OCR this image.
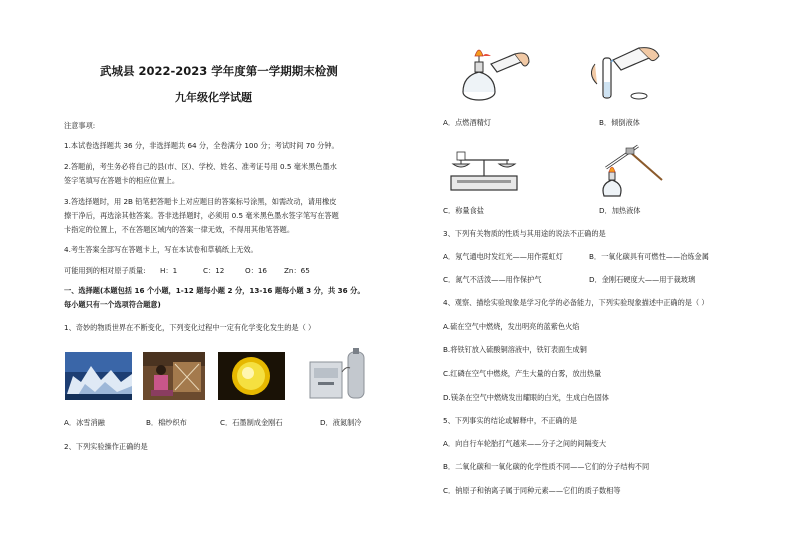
武城县 2022-2023 学年度第一学期期末检测
九年级化学试题
注意事项:
1.本试卷选择题共 36 分，非选择题共 64 分，全卷满分 100 分；考试时间 70 分钟。
2.答题前，考生务必将自己的县(市、区)、学校、姓名、准考证号用 0.5 毫米黑色墨水
签字笔填写在答题卡的相应位置上。
3.答选择题时，用 2B 铅笔把答题卡上对应题目的答案标号涂黑，如需改动，请用橡皮
擦干净后，再选涂其他答案。答非选择题时，必须用 0.5 毫米黑色墨水签字笔写在答题
卡指定的位置上，不在答题区域内的答案一律无效，不得用其他笔答题。
4.考生答案全部写在答题卡上，写在本试卷和草稿纸上无效。
可能用到的相对原子质量: H：1	C：12	O：16 Zn：65
一、选择题(本题包括 16 个小题，1-12 题每小题 2 分，13-16 题每小题 3 分，共 36 分。
每小题只有一个选项符合题意)
1、奇妙的物质世界在不断变化，下列变化过程中一定有化学变化发生的是（ ）
A．冰雪消融	B．棉纱织布	C．石墨制成金刚石	D．液氮制冷
2、下列实验操作正确的是
A．点燃酒精灯	B．倾倒液体
C．称量食盐	D．加热液体
3、下列有关物质的性质与其用途的说法不正确的是
A．氖气通电时发红光——用作霓虹灯	B．一氧化碳具有可燃性——冶炼金属
C．氮气不活泼——用作保护气	D．金刚石硬度大——用于裁玻璃
4、观察、描绘实验现象是学习化学的必备能力，下列实验现象描述中正确的是（ ）
A.硫在空气中燃烧，发出明亮的蓝紫色火焰
B.将铁钉放入硫酸铜溶液中，铁钉表面生成铜
C.红磷在空气中燃烧，产生大量的白雾，放出热量
D.镁条在空气中燃烧发出耀眼的白光，生成白色固体
5、下列事实的结论或解释中，不正确的是
A．向自行车轮胎打气越来——分子之间的间隔变大
B．二氧化碳和一氧化碳的化学性质不同——它们的分子结构不同
C．钠原子和钠离子属于同种元素——它们的质子数相等
